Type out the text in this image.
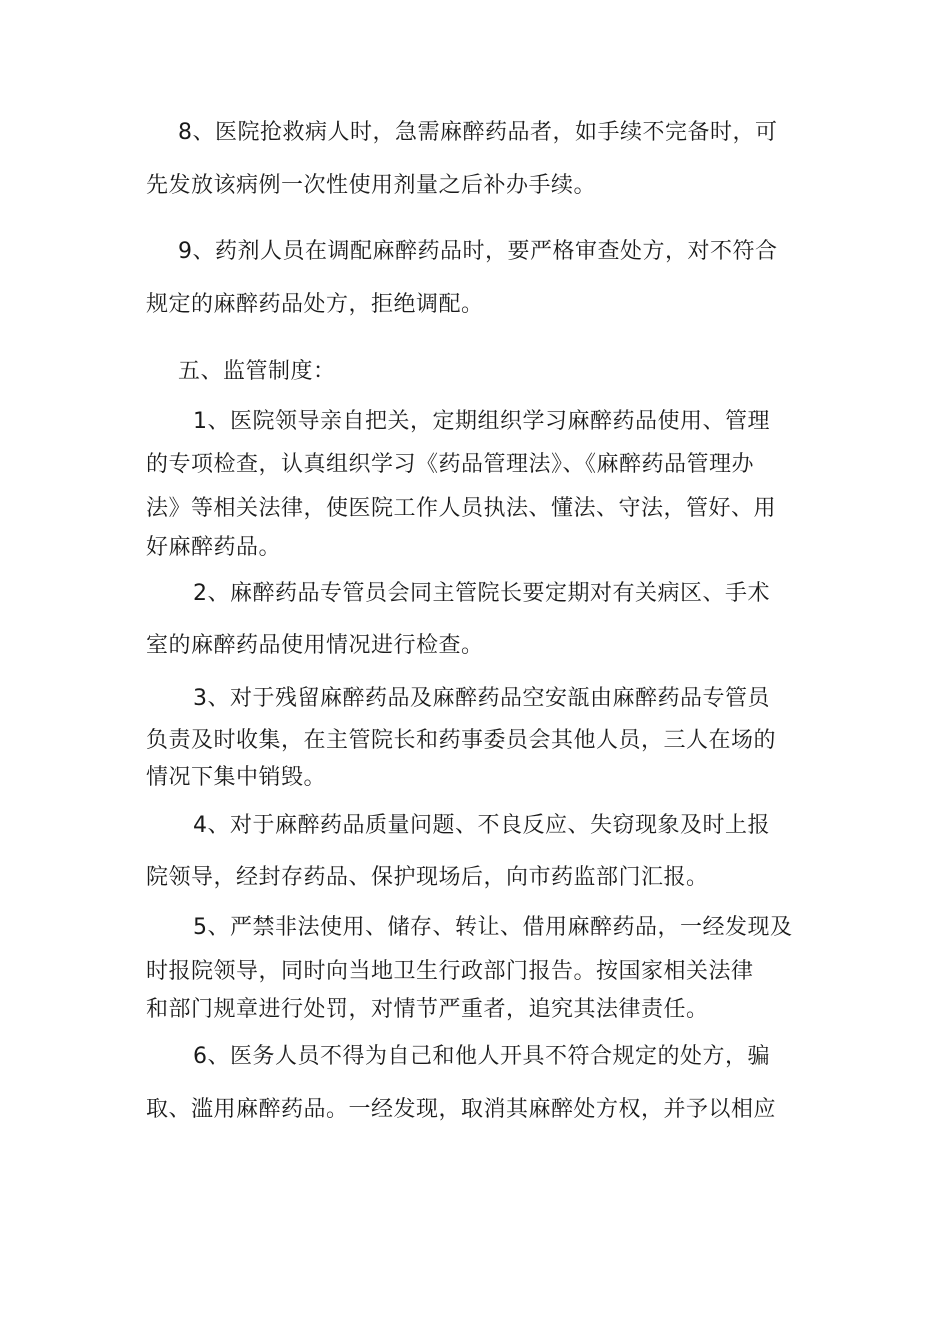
8、医院抢救病人时，急需麻醉药品者，如手续不完备时，可
先发放该病例一次性使用剂量之后补办手续。
9、药剂人员在调配麻醉药品时，要严格审查处方，对不符合
规定的麻醉药品处方，拒绝调配。
五、监管制度：
1、医院领导亲自把关，定期组织学习麻醉药品使用、管理
的专项检查，认真组织学习《药品管理法》、《麻醉药品管理办
法》等相关法律，使医院工作人员执法、懂法、守法，管好、用
好麻醉药品。
2、麻醉药品专管员会同主管院长要定期对有关病区、手术
室的麻醉药品使用情况进行检查。
3、对于残留麻醉药品及麻醉药品空安瓿由麻醉药品专管员
负责及时收集，在主管院长和药事委员会其他人员，三人在场的
情况下集中销毁。
4、对于麻醉药品质量问题、不良反应、失窃现象及时上报
院领导，经封存药品、保护现场后，向市药监部门汇报。
5、严禁非法使用、储存、转让、借用麻醉药品，一经发现及
时报院领导，同时向当地卫生行政部门报告。按国家相关法律
和部门规章进行处罚，对情节严重者，追究其法律责任。
6、医务人员不得为自己和他人开具不符合规定的处方，骗
取、滥用麻醉药品。一经发现，取消其麻醉处方权，并予以相应
